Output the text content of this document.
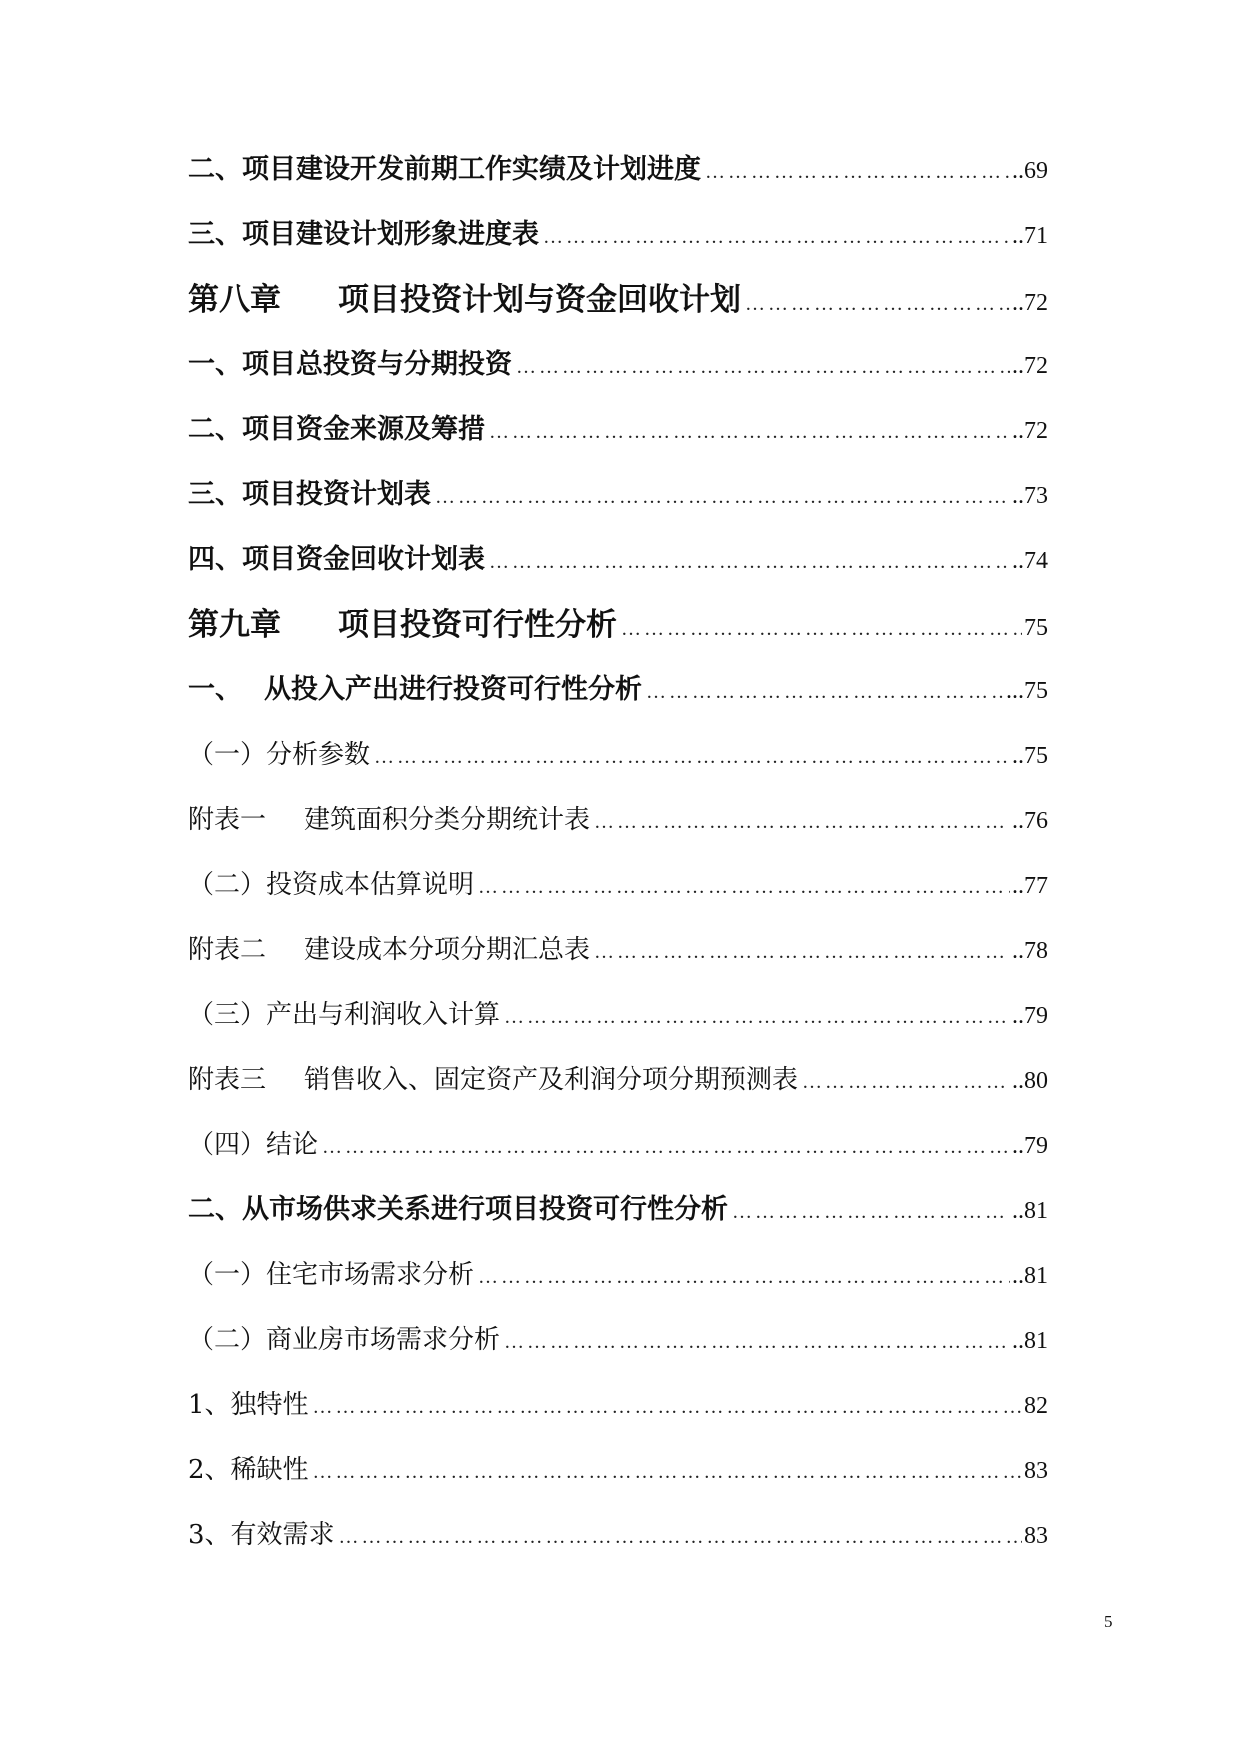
二、项目建设开发前期工作实绩及计划进度 …………………………………………………………………………………………………………………………………………………………	..69
三、项目建设计划形象进度表 …………………………………………………………………………………………………………………………………………………………	..71
第八章 项目投资计划与资金回收计划 …………………………………………………………………………………………………………………………………………………………	..72
一、项目总投资与分期投资 …………………………………………………………………………………………………………………………………………………………	..72
二、项目资金来源及筹措 …………………………………………………………………………………………………………………………………………………………	..72
三、项目投资计划表 …………………………………………………………………………………………………………………………………………………………	..73
四、项目资金回收计划表 …………………………………………………………………………………………………………………………………………………………	..74
第九章 项目投资可行性分析 …………………………………………………………………………………………………………………………………………………………	75
一、 从投入产出进行投资可行性分析 …………………………………………………………………………………………………………………………………………………………	...75
（一）分析参数 …………………………………………………………………………………………………………………………………………………………	..75
附表一 建筑面积分类分期统计表 …………………………………………………………………………………………………………………………………………………………	..76
（二）投资成本估算说明 …………………………………………………………………………………………………………………………………………………………	..77
附表二 建设成本分项分期汇总表 …………………………………………………………………………………………………………………………………………………………	..78
（三）产出与利润收入计算 …………………………………………………………………………………………………………………………………………………………	..79
附表三 销售收入、固定资产及利润分项分期预测表 …………………………………………………………………………………………………………………………………………………………	..80
（四）结论 …………………………………………………………………………………………………………………………………………………………	..79
二、从市场供求关系进行项目投资可行性分析 …………………………………………………………………………………………………………………………………………………………	..81
（一）住宅市场需求分析 …………………………………………………………………………………………………………………………………………………………	..81
（二）商业房市场需求分析 …………………………………………………………………………………………………………………………………………………………	..81
1、独特性 …………………………………………………………………………………………………………………………………………………………	82
2、稀缺性 …………………………………………………………………………………………………………………………………………………………	83
3、有效需求 …………………………………………………………………………………………………………………………………………………………	83
5
